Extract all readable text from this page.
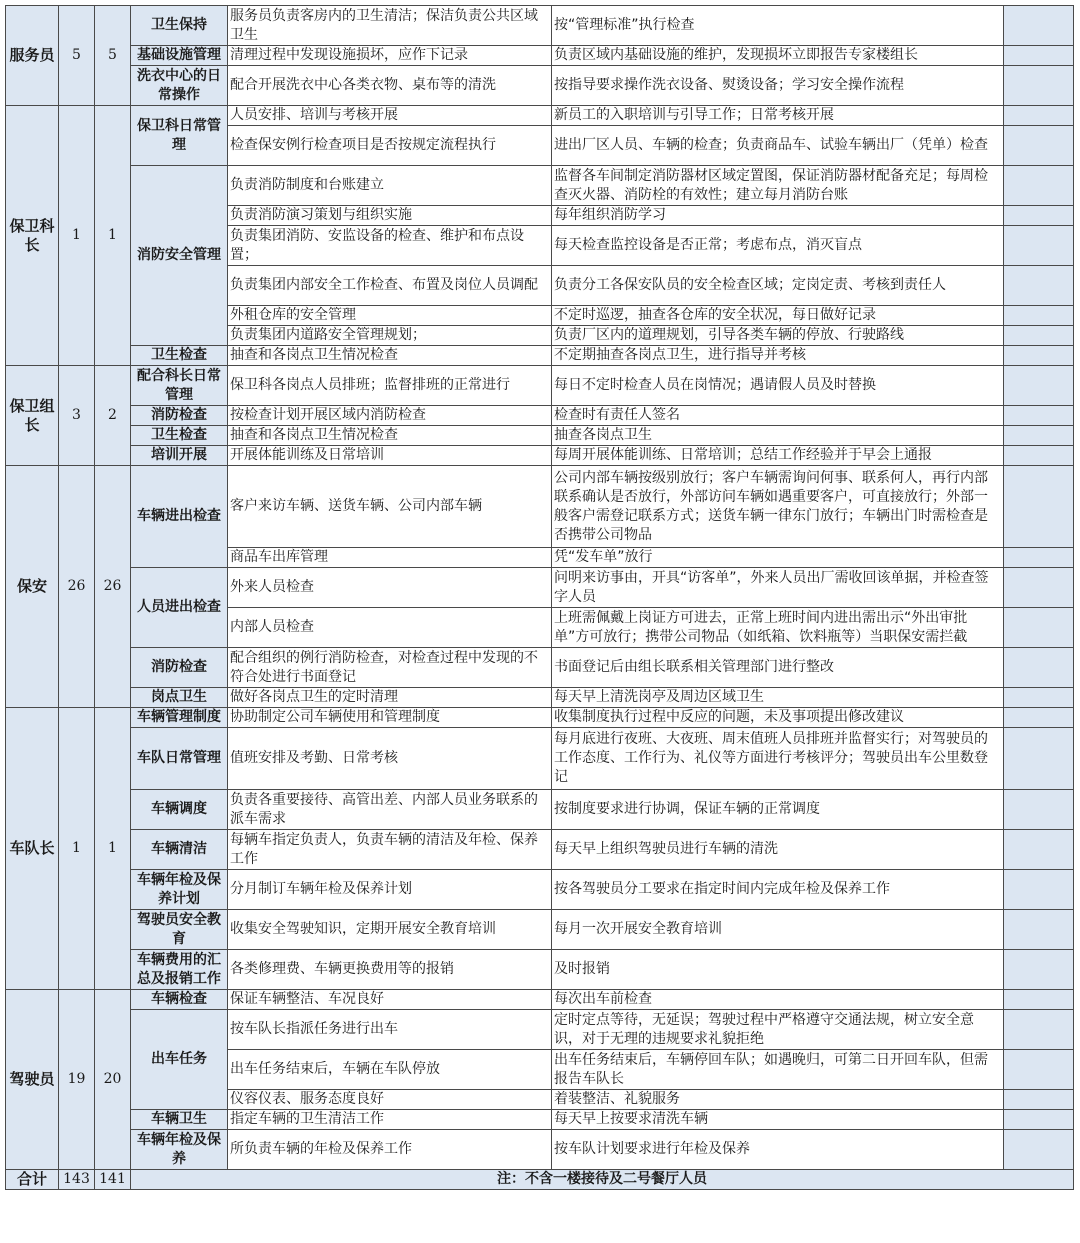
服务员	5	5	卫生保持	服务员负责客房内的卫生清洁；保洁负责公共区域卫生	按“管理标准”执行检查	
			基础设施管理	清理过程中发现设施损坏，应作下记录	负责区域内基础设施的维护，发现损坏立即报告专家楼组长	
			洗衣中心的日常操作	配合开展洗衣中心各类衣物、桌布等的清洗	按指导要求操作洗衣设备、熨烫设备；学习安全操作流程	
保卫科长	1	1	保卫科日常管理	人员安排、培训与考核开展	新员工的入职培训与引导工作；日常考核开展	
				检查保安例行检查项目是否按规定流程执行	进出厂区人员、车辆的检查；负责商品车、试验车辆出厂（凭单）检查	
			消防安全管理	负责消防制度和台账建立	监督各车间制定消防器材区域定置图，保证消防器材配备充足；每周检查灭火器、消防栓的有效性；建立每月消防台账	
				负责消防演习策划与组织实施	每年组织消防学习	
				负责集团消防、安监设备的检查、维护和布点设置；	每天检查监控设备是否正常；考虑布点，消灭盲点	
				负责集团内部安全工作检查、布置及岗位人员调配	负责分工各保安队员的安全检查区域；定岗定责、考核到责任人	
				外租仓库的安全管理	不定时巡逻，抽查各仓库的安全状况，每日做好记录	
				负责集团内道路安全管理规划；	负责厂区内的道理规划，引导各类车辆的停放、行驶路线	
			卫生检查	抽查和各岗点卫生情况检查	不定期抽查各岗点卫生，进行指导并考核	
保卫组长	3	2	配合科长日常管理	保卫科各岗点人员排班；监督排班的正常进行	每日不定时检查人员在岗情况；遇请假人员及时替换	
			消防检查	按检查计划开展区域内消防检查	检查时有责任人签名	
			卫生检查	抽查和各岗点卫生情况检查	抽查各岗点卫生	
			培训开展	开展体能训练及日常培训	每周开展体能训练、日常培训；总结工作经验并于早会上通报	
保安	26	26	车辆进出检查	客户来访车辆、送货车辆、公司内部车辆	公司内部车辆按级别放行；客户车辆需询问何事、联系何人，再行内部联系确认是否放行，外部访问车辆如遇重要客户，可直接放行；外部一般客户需登记联系方式；送货车辆一律东门放行；车辆出门时需检查是否携带公司物品	
				商品车出库管理	凭“发车单”放行	
			人员进出检查	外来人员检查	问明来访事由，开具“访客单”，外来人员出厂需收回该单据，并检查签字人员	
				内部人员检查	上班需佩戴上岗证方可进去，正常上班时间内进出需出示“外出审批单”方可放行；携带公司物品（如纸箱、饮料瓶等）当职保安需拦截	
			消防检查	配合组织的例行消防检查，对检查过程中发现的不符合处进行书面登记	书面登记后由组长联系相关管理部门进行整改	
			岗点卫生	做好各岗点卫生的定时清理	每天早上清洗岗亭及周边区域卫生	
车队长	1	1	车辆管理制度	协助制定公司车辆使用和管理制度	收集制度执行过程中反应的问题，未及事项提出修改建议	
			车队日常管理	值班安排及考勤、日常考核	每月底进行夜班、大夜班、周末值班人员排班并监督实行；对驾驶员的工作态度、工作行为、礼仪等方面进行考核评分；驾驶员出车公里数登记	
			车辆调度	负责各重要接待、高管出差、内部人员业务联系的派车需求	按制度要求进行协调，保证车辆的正常调度	
			车辆清洁	每辆车指定负责人，负责车辆的清洁及年检、保养工作	每天早上组织驾驶员进行车辆的清洗	
			车辆年检及保养计划	分月制订车辆年检及保养计划	按各驾驶员分工要求在指定时间内完成年检及保养工作	
			驾驶员安全教育	收集安全驾驶知识，定期开展安全教育培训	每月一次开展安全教育培训	
			车辆费用的汇总及报销工作	各类修理费、车辆更换费用等的报销	及时报销	
驾驶员	19	20	车辆检查	保证车辆整洁、车况良好	每次出车前检查	
			出车任务	按车队长指派任务进行出车	定时定点等待，无延误；驾驶过程中严格遵守交通法规，树立安全意识，对于无理的违规要求礼貌拒绝	
				出车任务结束后，车辆在车队停放	出车任务结束后，车辆停回车队；如遇晚归，可第二日开回车队，但需报告车队长	
				仪容仪表、服务态度良好	着装整洁、礼貌服务	
			车辆卫生	指定车辆的卫生清洁工作	每天早上按要求清洗车辆	
			车辆年检及保养	所负责车辆的年检及保养工作	按车队计划要求进行年检及保养	
合计	143	141	注：不含一楼接待及二号餐厅人员			
